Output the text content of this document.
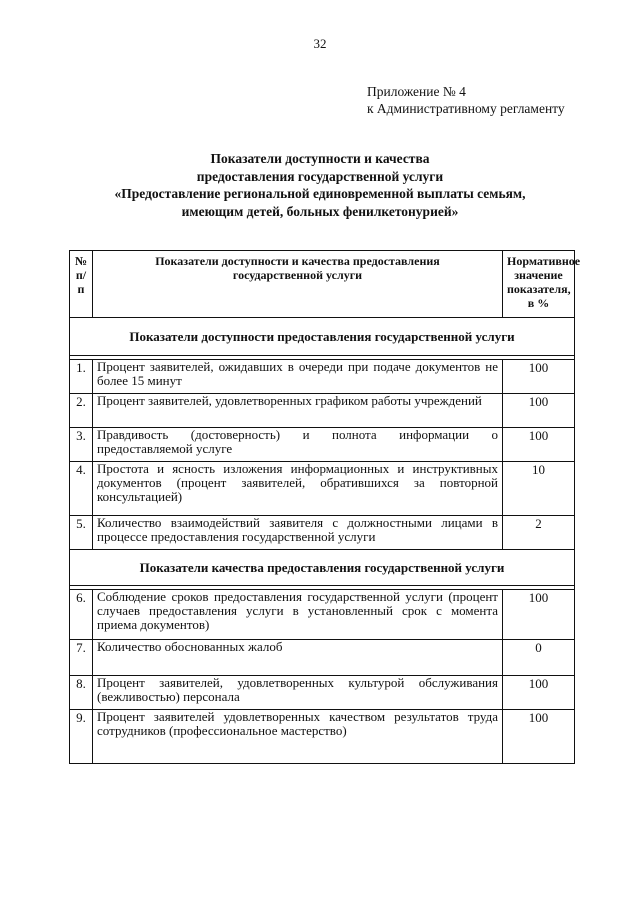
32
Приложение № 4
к Административному регламенту
Показатели доступности и качества
предоставления государственной услуги
«Предоставление региональной единовременной выплаты семьям,
имеющим детей, больных фенилкетонурией»
№ п/п	Показатели доступности и качества предоставления государственной услуги	Нормативное значение показателя, в %
Показатели доступности предоставления государственной услуги		

1.	Процент заявителей, ожидавших в очереди при подаче документов не более 15 минут	100
2.	Процент заявителей, удовлетворенных графиком работы учреждений	100
3.	Правдивость (достоверность) и полнота информации о предоставляемой услуге	100
4.	Простота и ясность изложения информационных и инструктивных документов (процент заявителей, обратившихся за повторной консультацией)	10
5.	Количество взаимодействий заявителя с должностными лицами в процессе предоставления государственной услуги	2
Показатели качества предоставления государственной услуги		

6.	Соблюдение сроков предоставления государственной услуги (процент случаев предоставления услуги в установленный срок с момента приема документов)	100
7.	Количество обоснованных жалоб	0
8.	Процент заявителей, удовлетворенных культурой обслуживания (вежливостью) персонала	100
9.	Процент заявителей удовлетворенных качеством результатов труда сотрудников (профессиональное мастерство)	100
